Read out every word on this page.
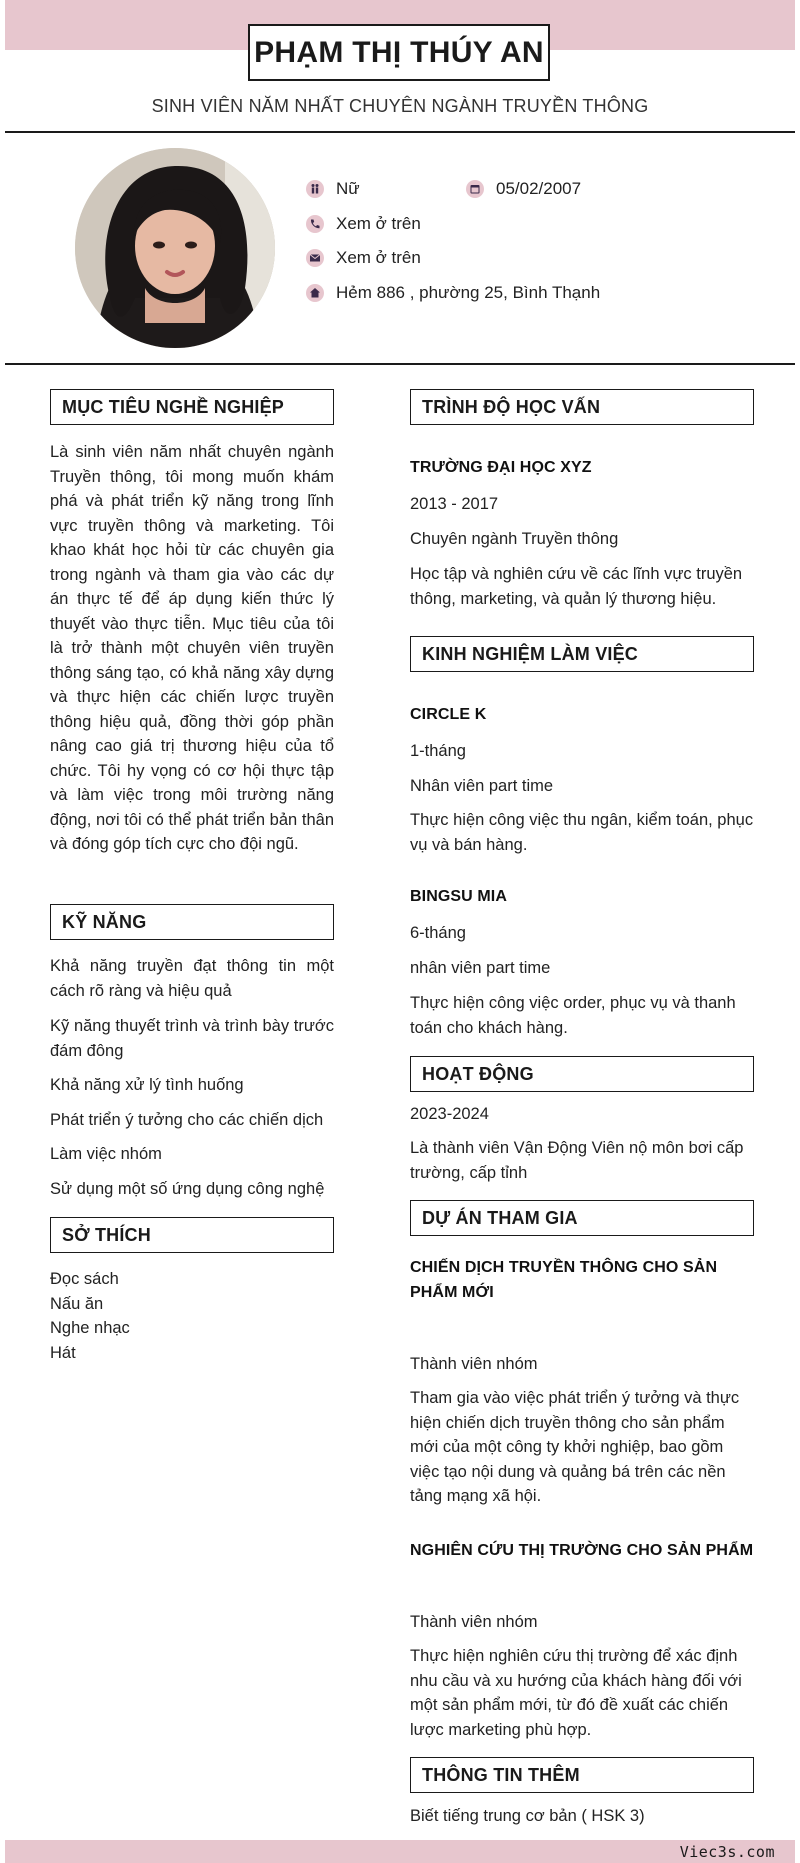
PHẠM THỊ THÚY AN
SINH VIÊN NĂM NHẤT CHUYÊN NGÀNH TRUYỀN THÔNG
Nữ	05/02/2007
Xem ở trên
Xem ở trên
Hẻm 886 , phường 25, Bình Thạnh
MỤC TIÊU NGHỀ NGHIỆP
Là sinh viên năm nhất chuyên ngành Truyền thông, tôi mong muốn khám phá và phát triển kỹ năng trong lĩnh vực truyền thông và marketing. Tôi khao khát học hỏi từ các chuyên gia trong ngành và tham gia vào các dự án thực tế để áp dụng kiến thức lý thuyết vào thực tiễn. Mục tiêu của tôi là trở thành một chuyên viên truyền thông sáng tạo, có khả năng xây dựng và thực hiện các chiến lược truyền thông hiệu quả, đồng thời góp phần nâng cao giá trị thương hiệu của tổ chức. Tôi hy vọng có cơ hội thực tập và làm việc trong môi trường năng động, nơi tôi có thể phát triển bản thân và đóng góp tích cực cho đội ngũ.
KỸ NĂNG
Khả năng truyền đạt thông tin một cách rõ ràng và hiệu quả
Kỹ năng thuyết trình và trình bày trước đám đông
Khả năng xử lý tình huống
Phát triển ý tưởng cho các chiến dịch
Làm việc nhóm
Sử dụng một số ứng dụng công nghệ
SỞ THÍCH
Đọc sách
Nấu ăn
Nghe nhạc
Hát
TRÌNH ĐỘ HỌC VẤN
TRƯỜNG ĐẠI HỌC XYZ
2013 - 2017
Chuyên ngành Truyền thông
Học tập và nghiên cứu về các lĩnh vực truyền thông, marketing, và quản lý thương hiệu.
KINH NGHIỆM LÀM VIỆC
CIRCLE K
1-tháng
Nhân viên part time
Thực hiện công việc thu ngân, kiểm toán, phục vụ và bán hàng.
BINGSU MIA
6-tháng
nhân viên part time
Thực hiện công việc order, phục vụ và thanh toán cho khách hàng.
HOẠT ĐỘNG
2023-2024
Là thành viên Vận Động Viên nộ môn bơi cấp trường, cấp tỉnh
DỰ ÁN THAM GIA
CHIẾN DỊCH TRUYỀN THÔNG CHO SẢN PHẨM MỚI
Thành viên nhóm
Tham gia vào việc phát triển ý tưởng và thực hiện chiến dịch truyền thông cho sản phẩm mới của một công ty khởi nghiệp, bao gồm việc tạo nội dung và quảng bá trên các nền tảng mạng xã hội.
NGHIÊN CỨU THỊ TRƯỜNG CHO SẢN PHẨM
Thành viên nhóm
Thực hiện nghiên cứu thị trường để xác định nhu cầu và xu hướng của khách hàng đối với một sản phẩm mới, từ đó đề xuất các chiến lược marketing phù hợp.
THÔNG TIN THÊM
Biết tiếng trung cơ bản ( HSK 3)
Viec3s.com
